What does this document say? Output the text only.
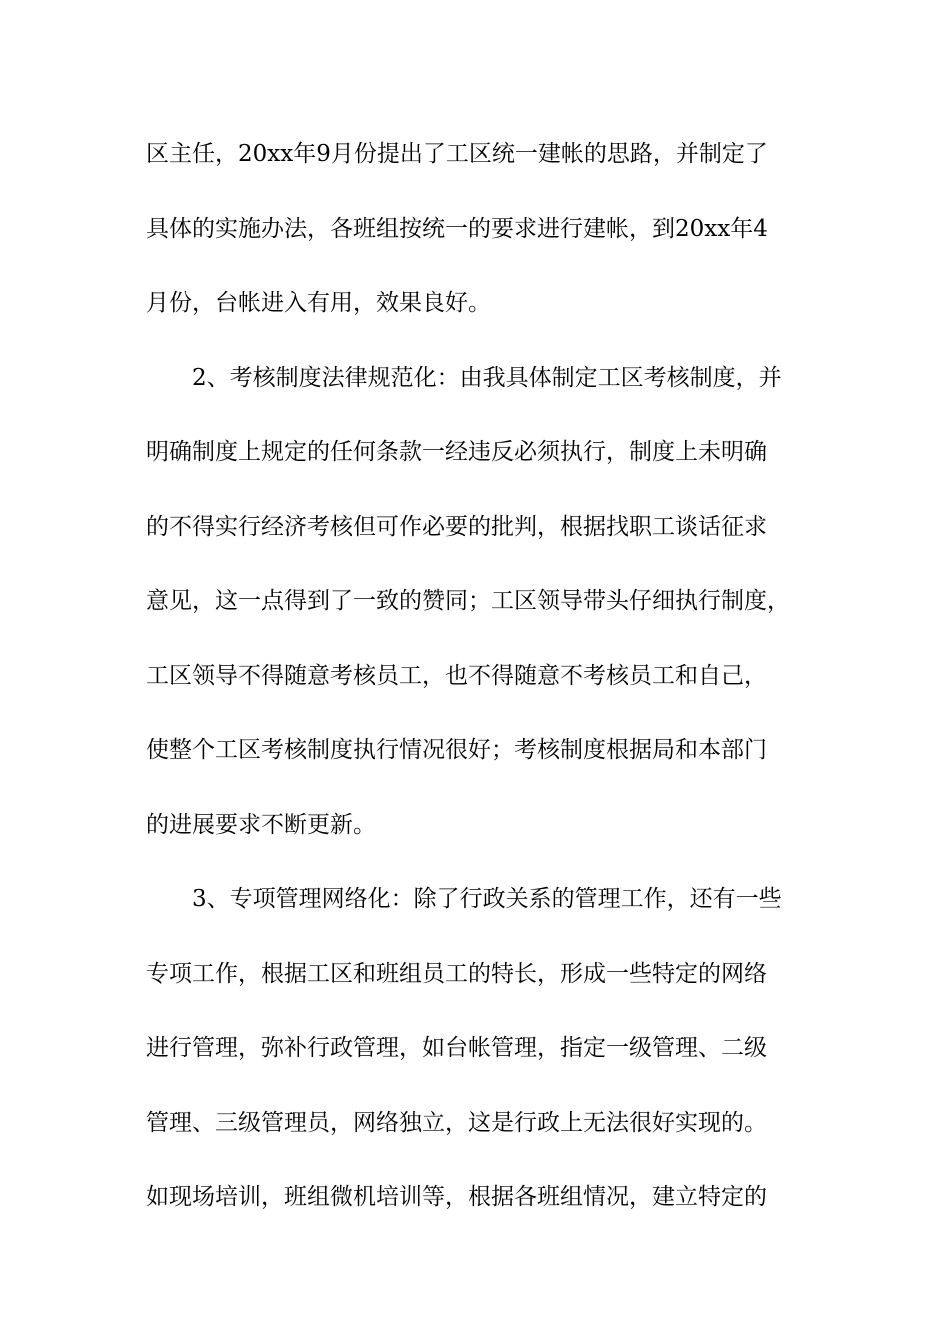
区主任，20xx年9月份提出了工区统一建帐的思路，并制定了
具体的实施办法，各班组按统一的要求进行建帐，到20xx年4
月份，台帐进入有用，效果良好。
2、考核制度法律规范化：由我具体制定工区考核制度，并
明确制度上规定的任何条款一经违反必须执行，制度上未明确
的不得实行经济考核但可作必要的批判，根据找职工谈话征求
意见，这一点得到了一致的赞同；工区领导带头仔细执行制度，
工区领导不得随意考核员工，也不得随意不考核员工和自己，
使整个工区考核制度执行情况很好；考核制度根据局和本部门
的进展要求不断更新。
3、专项管理网络化：除了行政关系的管理工作，还有一些
专项工作，根据工区和班组员工的特长，形成一些特定的网络
进行管理，弥补行政管理，如台帐管理，指定一级管理、二级
管理、三级管理员，网络独立，这是行政上无法很好实现的。
如现场培训，班组微机培训等，根据各班组情况，建立特定的
